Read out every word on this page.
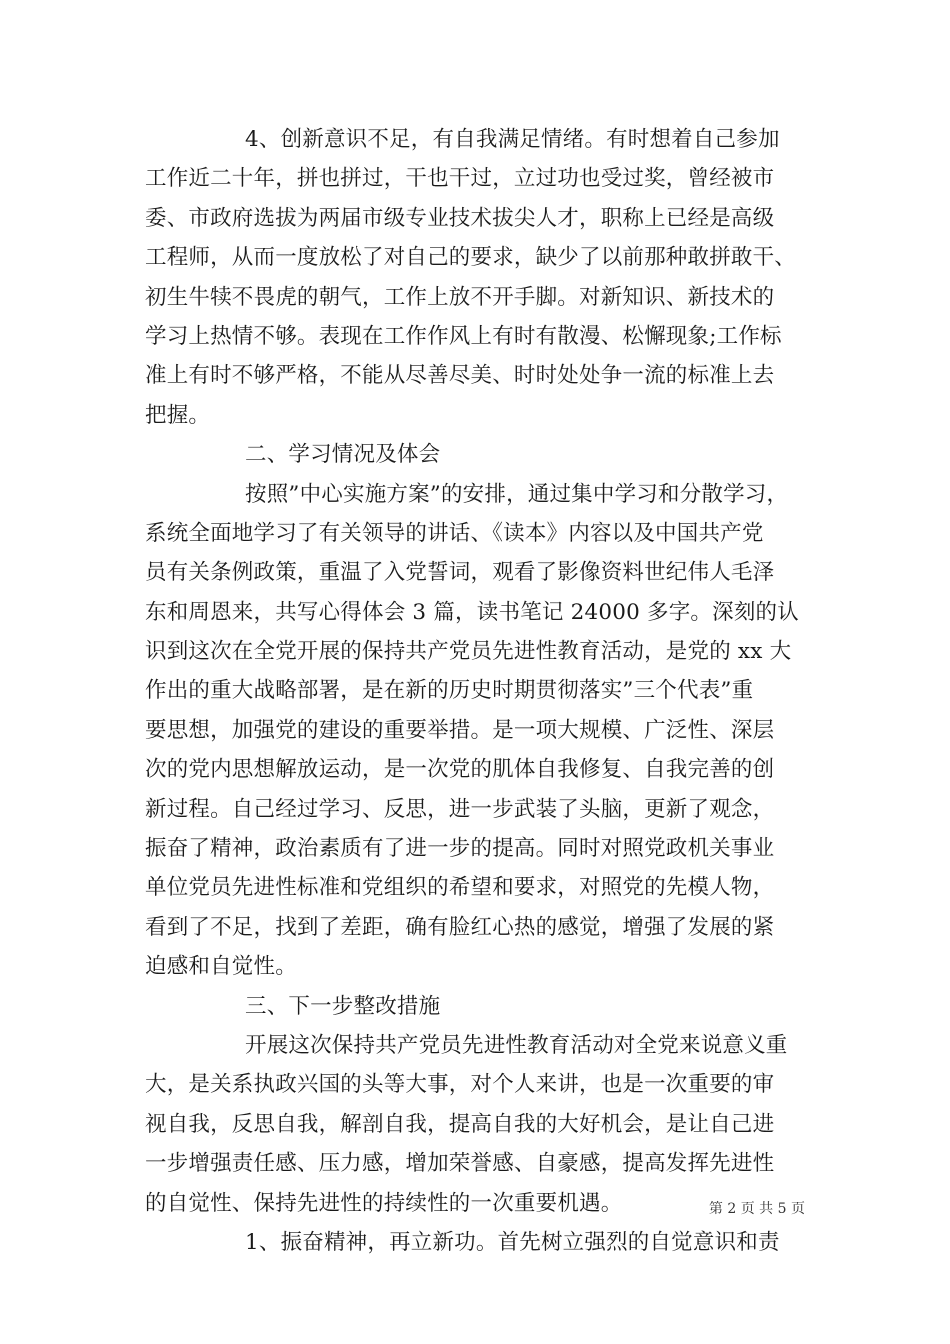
4、创新意识不足，有自我满足情绪。有时想着自己参加
工作近二十年，拼也拼过，干也干过，立过功也受过奖，曾经被市
委、市政府选拔为两届市级专业技术拔尖人才，职称上已经是高级
工程师，从而一度放松了对自己的要求，缺少了以前那种敢拼敢干、
初生牛犊不畏虎的朝气，工作上放不开手脚。对新知识、新技术的
学习上热情不够。表现在工作作风上有时有散漫、松懈现象;工作标
准上有时不够严格，不能从尽善尽美、时时处处争一流的标准上去
把握。
二、学习情况及体会
按照”中心实施方案”的安排，通过集中学习和分散学习，
系统全面地学习了有关领导的讲话、《读本》内容以及中国共产党
员有关条例政策，重温了入党誓词，观看了影像资料世纪伟人毛泽
东和周恩来，共写心得体会 3 篇，读书笔记 24000 多字。深刻的认
识到这次在全党开展的保持共产党员先进性教育活动，是党的 xx 大
作出的重大战略部署，是在新的历史时期贯彻落实”三个代表”重
要思想，加强党的建设的重要举措。是一项大规模、广泛性、深层
次的党内思想解放运动，是一次党的肌体自我修复、自我完善的创
新过程。自己经过学习、反思，进一步武装了头脑，更新了观念，
振奋了精神，政治素质有了进一步的提高。同时对照党政机关事业
单位党员先进性标准和党组织的希望和要求，对照党的先模人物，
看到了不足，找到了差距，确有脸红心热的感觉，增强了发展的紧
迫感和自觉性。
三、下一步整改措施
开展这次保持共产党员先进性教育活动对全党来说意义重
大，是关系执政兴国的头等大事，对个人来讲，也是一次重要的审
视自我，反思自我，解剖自我，提高自我的大好机会，是让自己进
一步增强责任感、压力感，增加荣誉感、自豪感，提高发挥先进性
的自觉性、保持先进性的持续性的一次重要机遇。
1、振奋精神，再立新功。首先树立强烈的自觉意识和责
第 2 页 共 5 页
